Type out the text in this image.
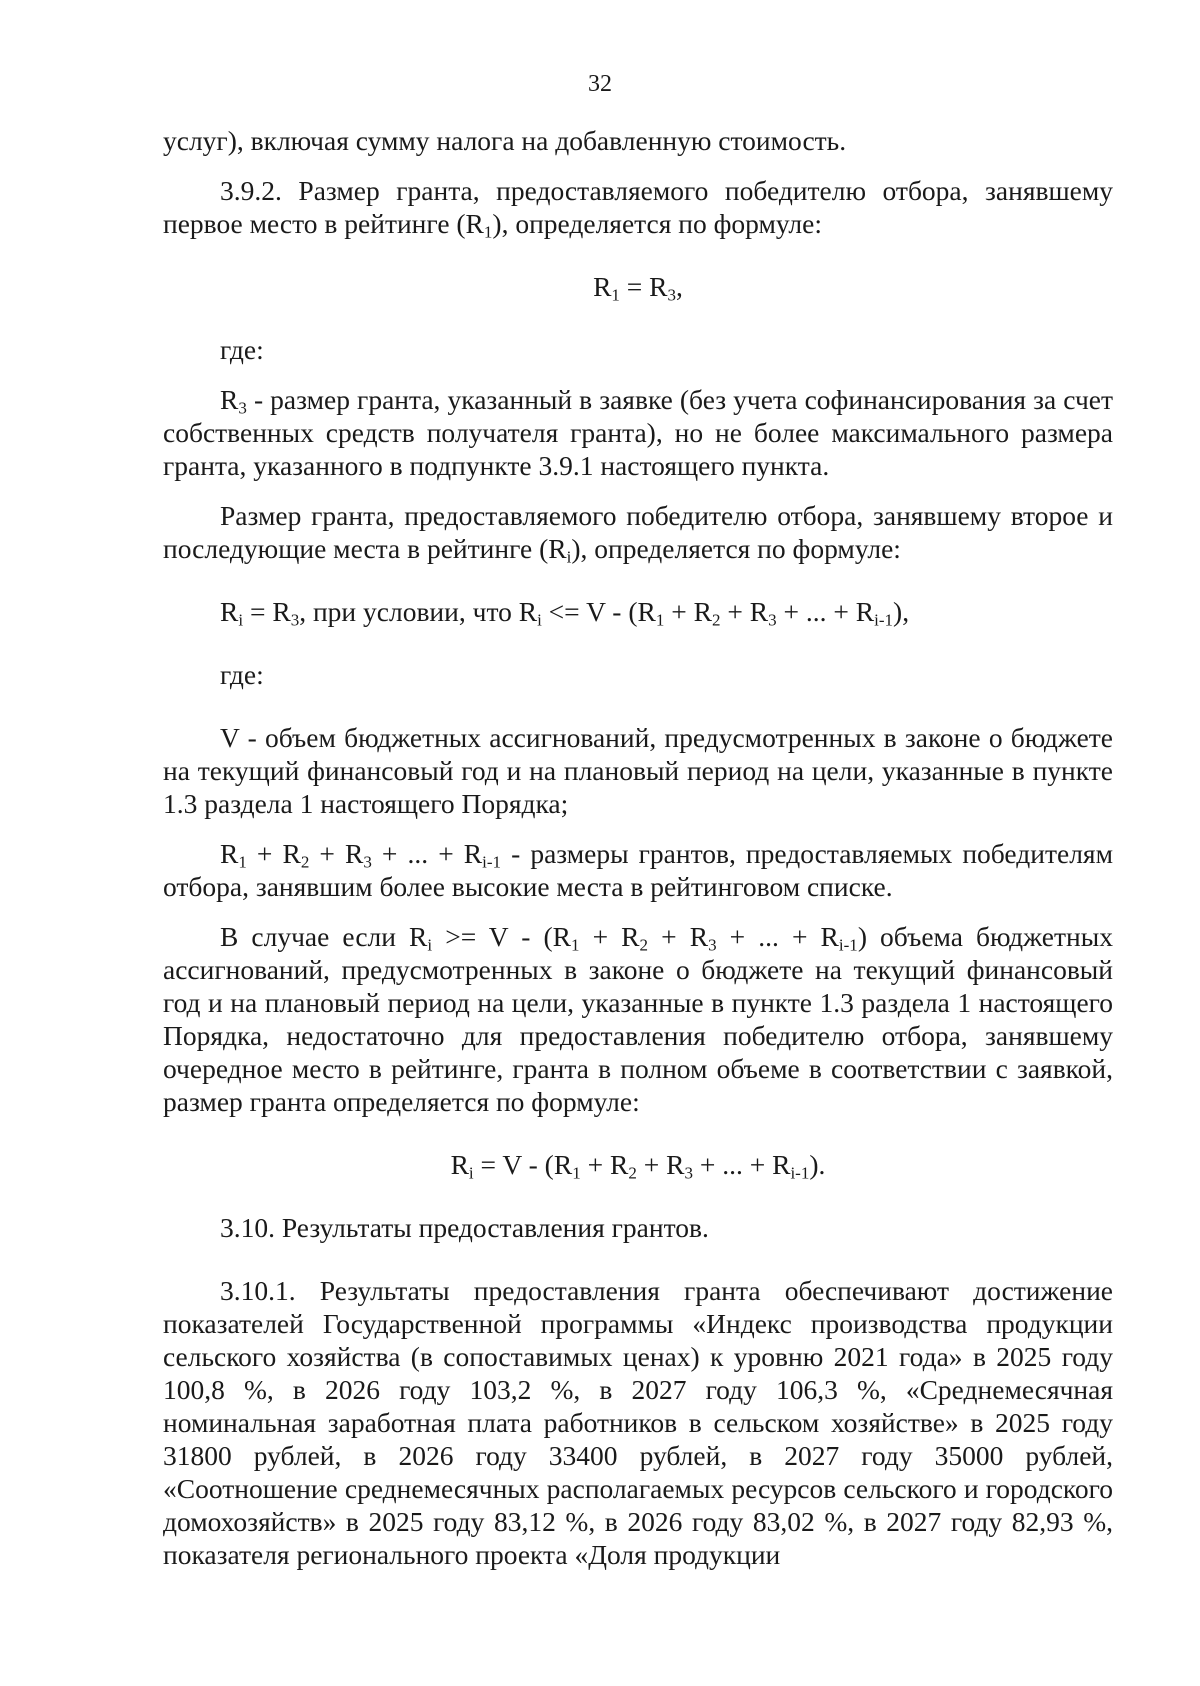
32

услуг), включая сумму налога на добавленную стоимость.

3.9.2. Размер гранта, предоставляемого победителю отбора, занявшему первое место в рейтинге $(R_1)$, определяется по формуле:

$R_1 = R_3$,

где:

$R_3$ - размер гранта, указанный в заявке (без учета софинансирования за счет собственных средств получателя гранта), но не более максимального размера гранта, указанного в подпункте 3.9.1 настоящего пункта.

Размер гранта, предоставляемого победителю отбора, занявшему второе и последующие места в рейтинге $(R_i)$, определяется по формуле:

$R_i = R_3$, при условии, что $R_i <= V - (R_1 + R_2 + R_3$ + ... + $R_{i-1}$),

где:

V - объем бюджетных ассигнований, предусмотренных в законе о бюджете на текущий финансовый год и на плановый период на цели, указанные в пункте 1.3 раздела 1 настоящего Порядка;

$R_1 + R_2 + R_3$ + ... + $R_{i-1}$ - размеры грантов, предоставляемых победителям отбора, занявшим более высокие места в рейтинговом списке.

В случае если $R_i >= V - (R_1 + R_2 + R_3$ + ... + $R_{i-1}$) объема бюджетных ассигнований, предусмотренных в законе о бюджете на текущий финансовый год и на плановый период на цели, указанные в пункте 1.3 раздела 1 настоящего Порядка, недостаточно для предоставления победителю отбора, занявшему очередное место в рейтинге, гранта в полном объеме в соответствии с заявкой, размер гранта определяется по формуле:

$R_i = V - (R_1 + R_2 + R_3$ + ... + $R_{i-1}$).

3.10. Результаты предоставления грантов.

3.10.1. Результаты предоставления гранта обеспечивают достижение показателей Государственной программы «Индекс производства продукции сельского хозяйства (в сопоставимых ценах) к уровню 2021 года» в 2025 году 100,8 %, в 2026 году 103,2 %, в 2027 году 106,3 %, «Среднемесячная номинальная заработная плата работников в сельском хозяйстве» в 2025 году 31800 рублей, в 2026 году 33400 рублей, в 2027 году 35000 рублей, «Соотношение среднемесячных располагаемых ресурсов сельского и городского домохозяйств» в 2025 году 83,12 %, в 2026 году 83,02 %, в 2027 году 82,93 %, показателя регионального проекта «Доля продукции
